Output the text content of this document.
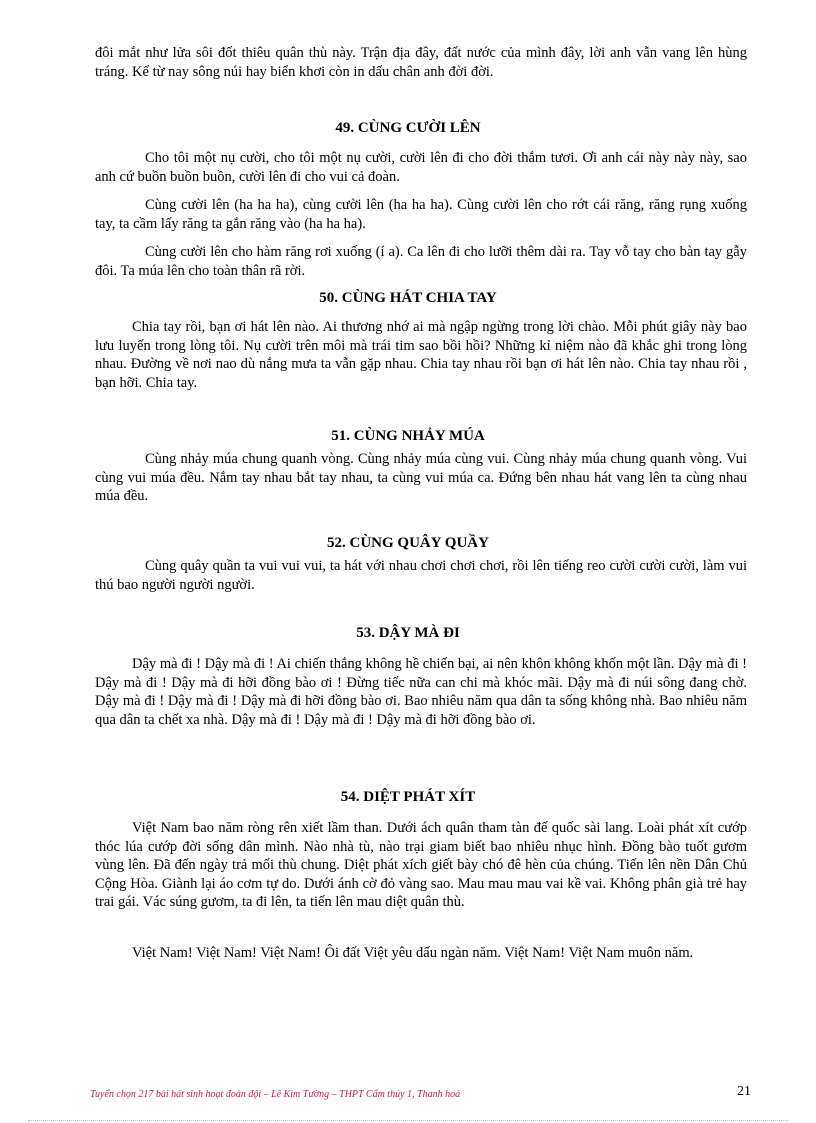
đôi mắt như lửa sôi đốt thiêu quân thù này. Trận địa đây, đất nước của mình đây, lời anh vẫn vang lên hùng tráng. Kể từ nay sông núi hay biển khơi còn in dấu chân anh đời đời.

49. CÙNG CƯỜI LÊN

Cho tôi một nụ cười, cho tôi một nụ cười, cười lên đi cho đời thắm tươi. Ơi anh cái này này này, sao anh cứ buồn buồn buồn, cười lên đi cho vui cả đoàn.

Cùng cười lên (ha ha ha), cùng cười lên (ha ha ha). Cùng cười lên cho rớt cái răng, răng rụng xuống tay, ta cầm lấy răng ta gắn răng vào (ha ha ha).

Cùng cười lên cho hàm răng rơi xuống (í a). Ca lên đi cho lưỡi thêm dài ra. Tay vỗ tay cho bàn tay gẫy đôi. Ta múa lên cho toàn thân rã rời.

50. CÙNG HÁT CHIA TAY

Chia tay rồi, bạn ơi hát lên nào. Ai thương nhớ ai mà ngập ngừng trong lời chào. Mỗi phút giây này bao lưu luyến trong lòng tôi. Nụ cười trên môi mà trái tim sao bồi hồi? Những kỉ niệm nào đã khắc ghi trong lòng nhau. Đường về nơi nao dù nắng mưa ta vẫn gặp nhau. Chia tay nhau rồi bạn ơi hát lên nào. Chia tay nhau rồi , bạn hỡi. Chia tay.

51. CÙNG NHẢY MÚA

Cùng nhảy múa chung quanh vòng. Cùng nhảy múa cùng vui. Cùng nhảy múa chung quanh vòng. Vui cùng vui múa đều. Nắm tay nhau bắt tay nhau, ta cùng vui múa ca. Đứng bên nhau hát vang lên ta cùng nhau múa đều.

52. CÙNG QUÂY QUẦY

Cùng quây quần ta vui vui vui, ta hát với nhau chơi chơi chơi, rồi lên tiếng reo cười cười cười, làm vui thú bao người người người.

53. DẬY MÀ ĐI

Dậy mà đi ! Dậy mà đi ! Ai chiến thắng không hề chiến bại, ai nên khôn không khốn một lần. Dậy mà đi ! Dậy mà đi ! Dậy mà đi hỡi đồng bào ơi ! Đừng tiếc nữa can chi mà khóc mãi. Dậy mà đi núi sông đang chờ. Dậy mà đi ! Dậy mà đi ! Dậy mà đi hỡi đồng bào ơi. Bao nhiêu năm qua dân ta sống không nhà. Bao nhiêu năm qua dân ta chết xa nhà. Dậy mà đi ! Dậy mà đi ! Dậy mà đi hỡi đồng bào ơi.

54. DIỆT PHÁT XÍT

Việt Nam bao năm ròng rên xiết lầm than. Dưới ách quân tham tàn đế quốc sài lang. Loài phát xít cướp thóc lúa cướp đời sống dân mình. Nào nhà tù, nào trại giam biết bao nhiêu nhục hình. Đồng bào tuốt gươm vùng lên. Đã đến ngày trả mối thù chung. Diệt phát xích giết bày chó đê hèn của chúng. Tiến lên nền Dân Chủ Cộng Hòa. Giành lại áo cơm tự do. Dưới ánh cờ đỏ vàng sao. Mau mau mau vai kề vai. Không phân già trẻ hay trai gái. Vác súng gươm, ta đi lên, ta tiến lên mau diệt quân thù.

Việt Nam! Việt Nam! Việt Nam! Ôi đất Việt yêu dấu ngàn năm. Việt Nam! Việt Nam muôn năm.

Tuyển chọn 217 bài hát sinh hoạt đoàn đội – Lê Kim Tường – THPT Cẩm thủy 1, Thanh hoá	21
